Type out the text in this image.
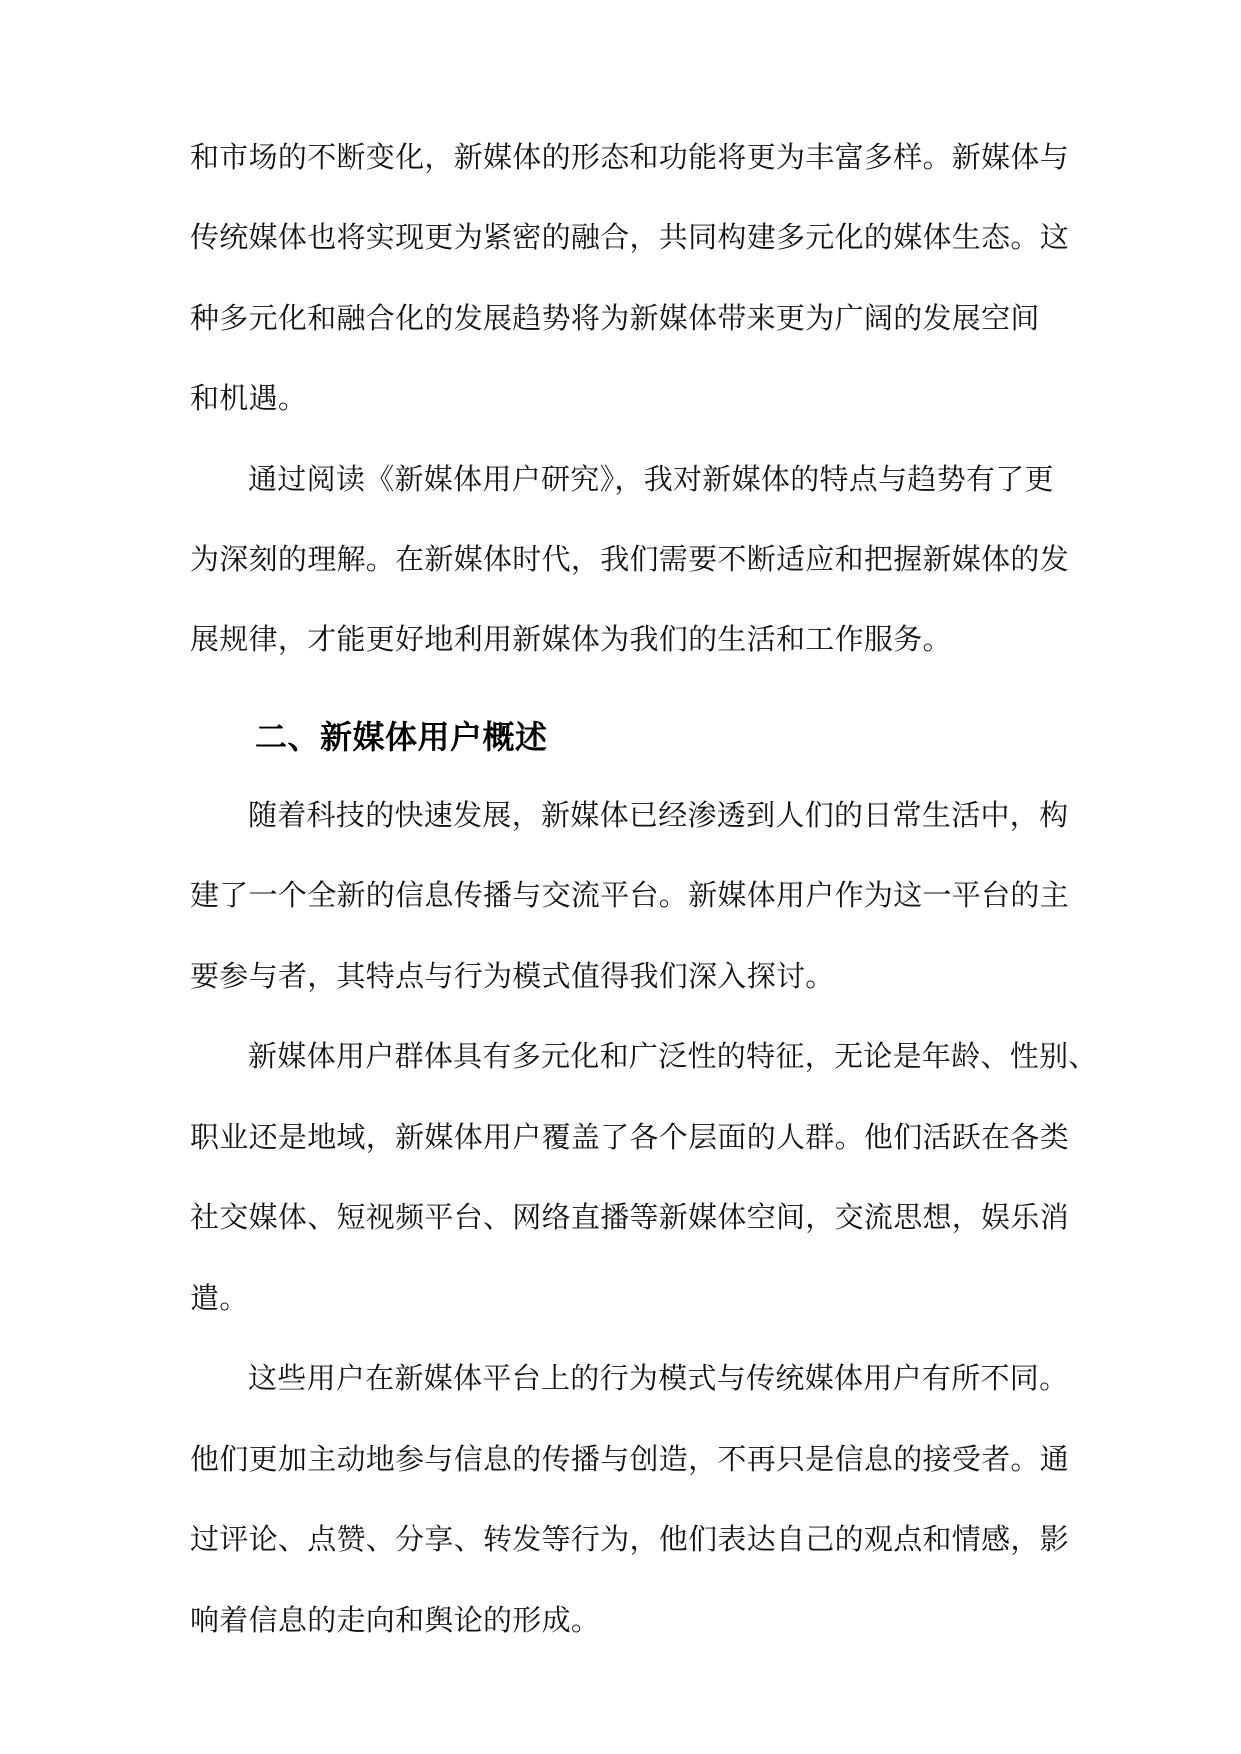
和市场的不断变化，新媒体的形态和功能将更为丰富多样。新媒体与
传统媒体也将实现更为紧密的融合，共同构建多元化的媒体生态。这
种多元化和融合化的发展趋势将为新媒体带来更为广阔的发展空间
和机遇。
通过阅读《新媒体用户研究》，我对新媒体的特点与趋势有了更
为深刻的理解。在新媒体时代，我们需要不断适应和把握新媒体的发
展规律，才能更好地利用新媒体为我们的生活和工作服务。
二、新媒体用户概述
随着科技的快速发展，新媒体已经渗透到人们的日常生活中，构
建了一个全新的信息传播与交流平台。新媒体用户作为这一平台的主
要参与者，其特点与行为模式值得我们深入探讨。
新媒体用户群体具有多元化和广泛性的特征，无论是年龄、性别、
职业还是地域，新媒体用户覆盖了各个层面的人群。他们活跃在各类
社交媒体、短视频平台、网络直播等新媒体空间，交流思想，娱乐消
遣。
这些用户在新媒体平台上的行为模式与传统媒体用户有所不同。
他们更加主动地参与信息的传播与创造，不再只是信息的接受者。通
过评论、点赞、分享、转发等行为，他们表达自己的观点和情感，影
响着信息的走向和舆论的形成。
